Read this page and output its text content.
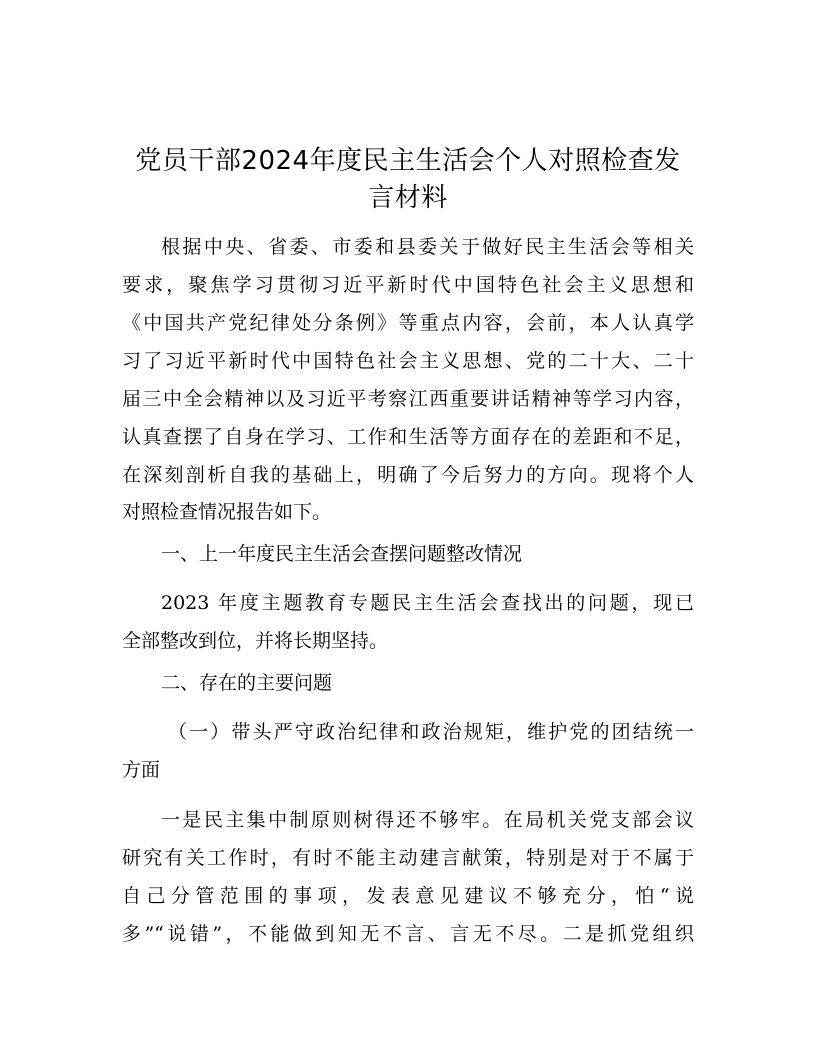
党员干部2024年度民主生活会个人对照检查发
言材料

根据中央、省委、市委和县委关于做好民主生活会等相关

要求，聚焦学习贯彻习近平新时代中国特色社会主义思想和

《中国共产党纪律处分条例》等重点内容，会前，本人认真学

习了习近平新时代中国特色社会主义思想、党的二十大、二十

届三中全会精神以及习近平考察江西重要讲话精神等学习内容，

认真查摆了自身在学习、工作和生活等方面存在的差距和不足，

在深刻剖析自我的基础上，明确了今后努力的方向。现将个人

对照检查情况报告如下。

一、上一年度民主生活会查摆问题整改情况

2023 年度主题教育专题民主生活会查找出的问题，现已

全部整改到位，并将长期坚持。

二、存在的主要问题

（一）带头严守政治纪律和政治规矩，维护党的团结统一

方面

一是民主集中制原则树得还不够牢。在局机关党支部会议

研究有关工作时，有时不能主动建言献策，特别是对于不属于

自己分管范围的事项，发表意见建议不够充分，怕“说

多”“说错”，不能做到知无不言、言无不尽。二是抓党组织
